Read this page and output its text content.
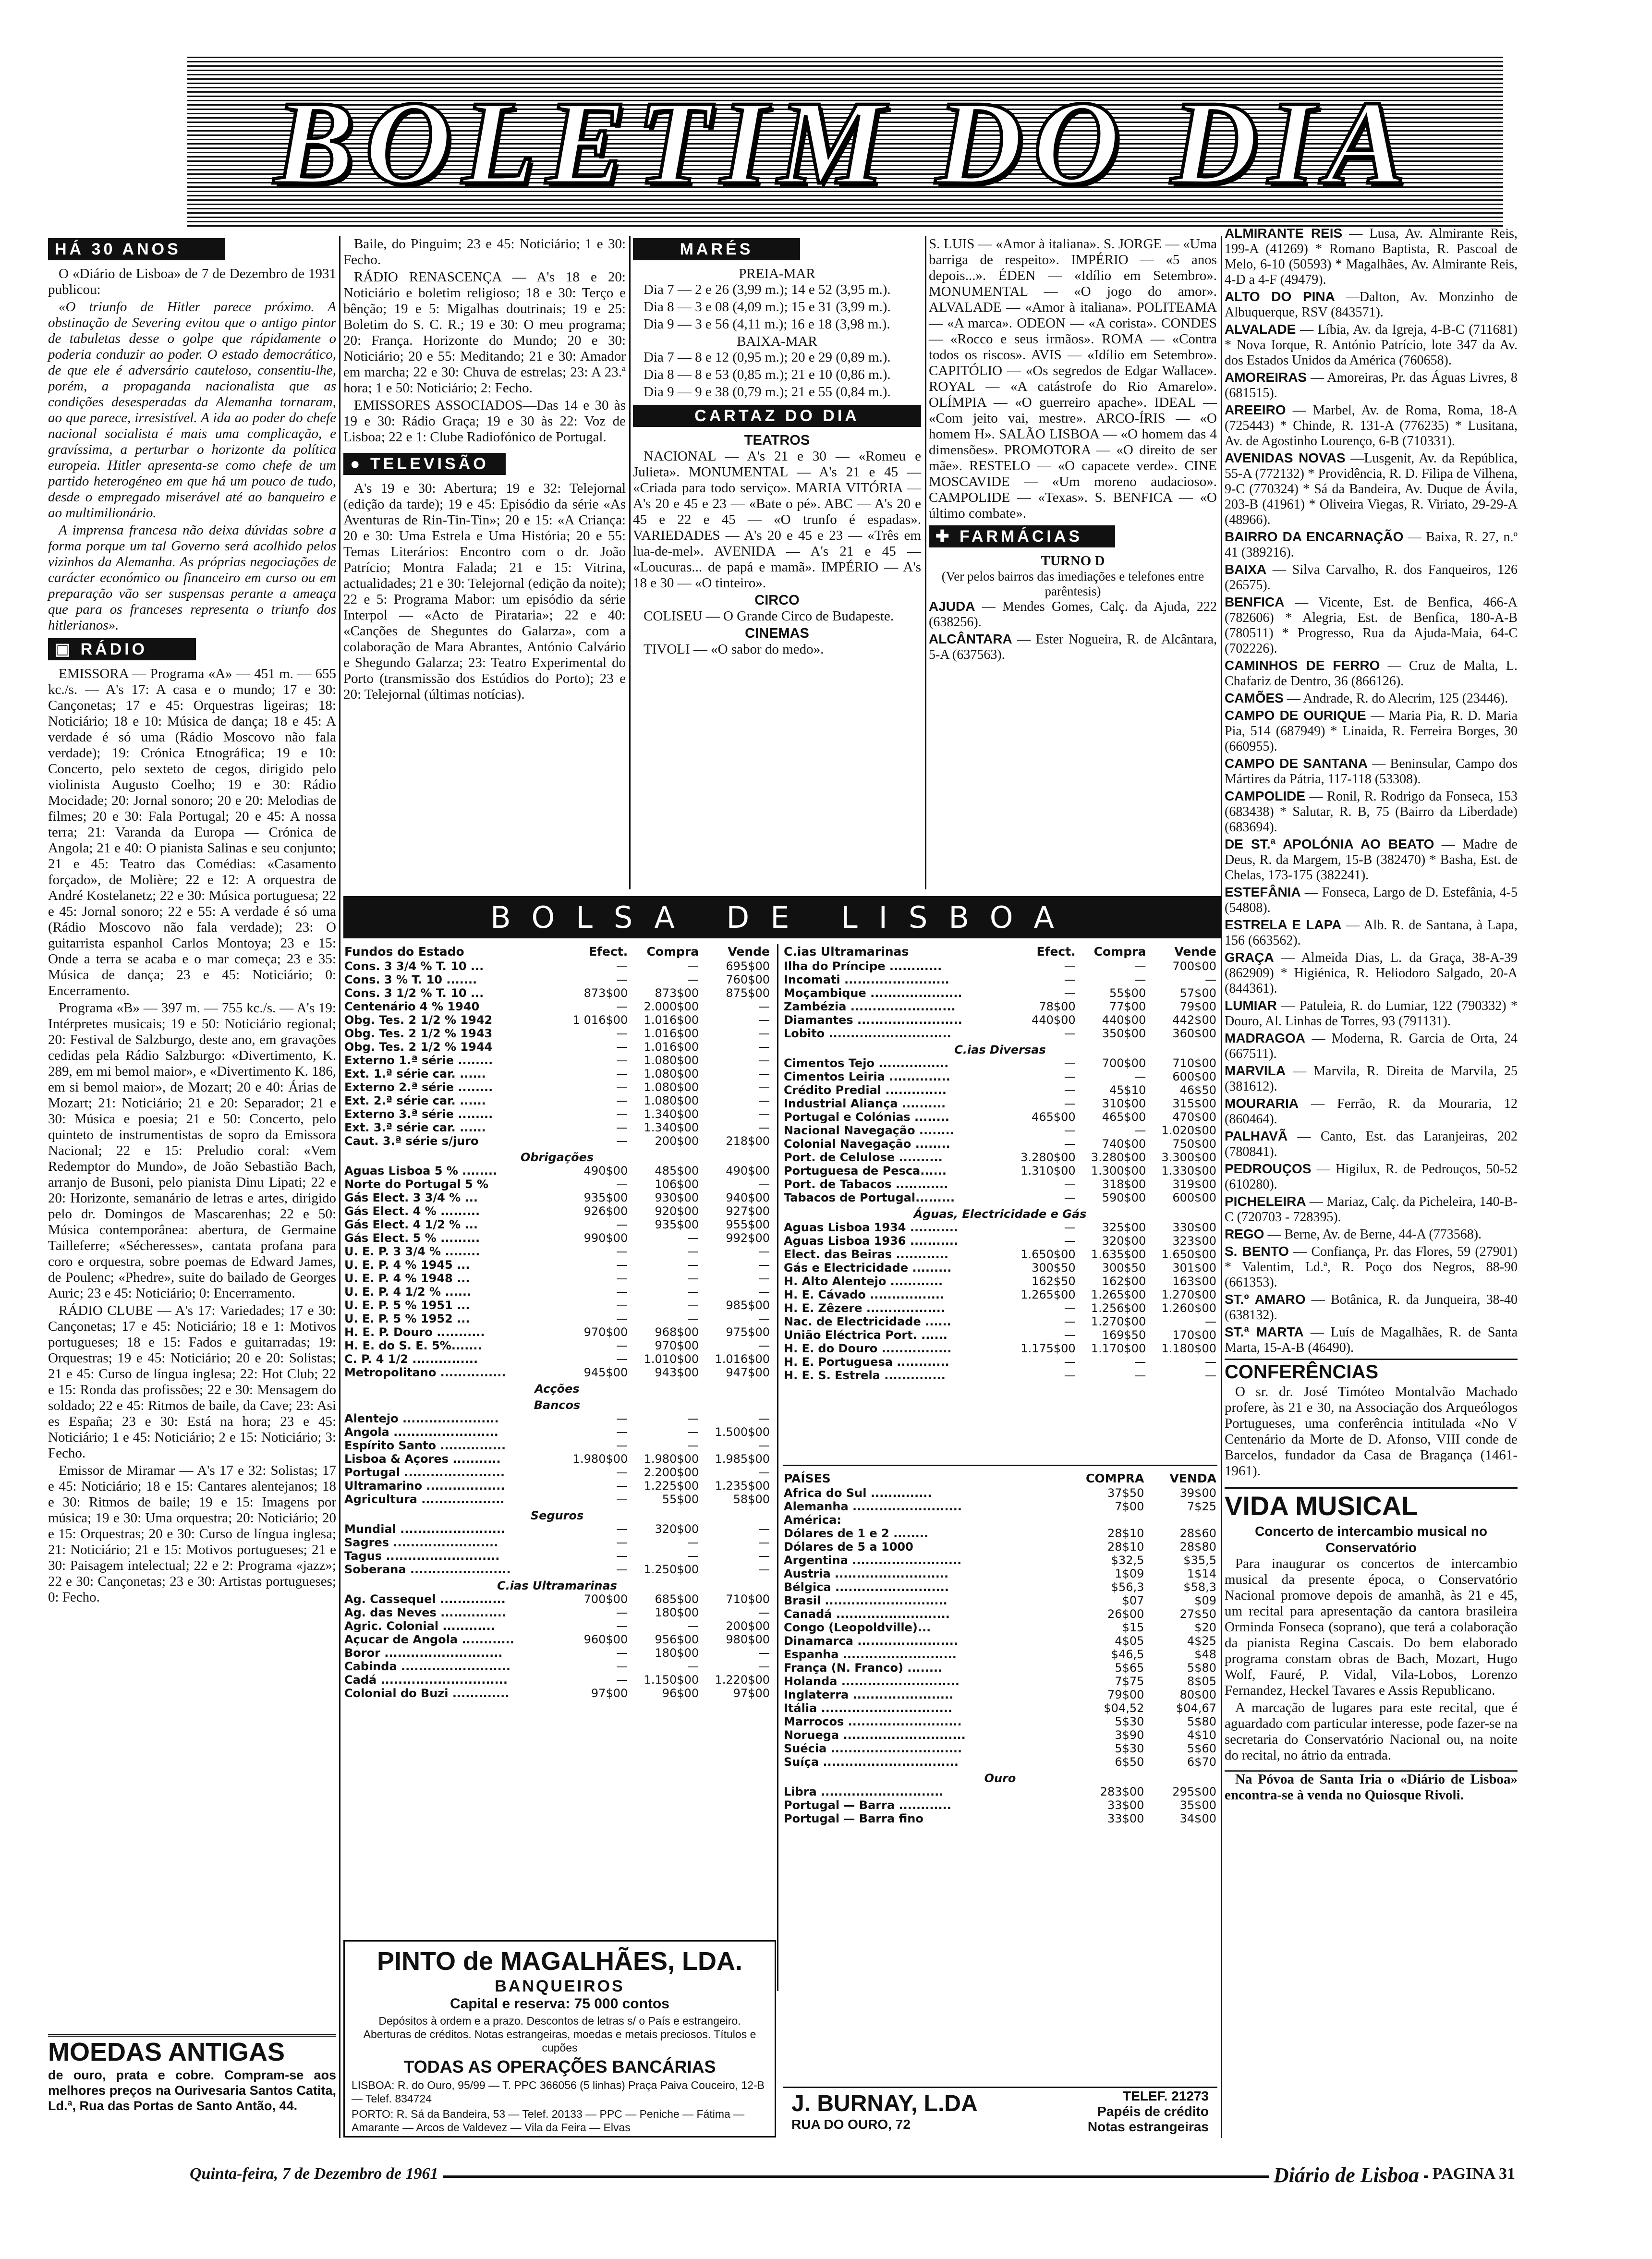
BOLETIM DO DIA
HÁ 30 ANOS

O «Diário de Lisboa» de 7 de Dezembro de 1931 publicou:

«O triunfo de Hitler parece próximo. A obstinação de Severing evitou que o antigo pintor de tabuletas desse o golpe que rápidamente o poderia conduzir ao poder. O estado democrático, de que ele é adversário cauteloso, consentiu-lhe, porém, a propaganda nacionalista que as condições desesperadas da Alemanha tornaram, ao que parece, irresistível. A ida ao poder do chefe nacional socialista é mais uma complicação, e gravíssima, a perturbar o horizonte da política europeia. Hitler apresenta-se como chefe de um partido heterogéneo em que há um pouco de tudo, desde o empregado miserável até ao banqueiro e ao multimilionário.

A imprensa francesa não deixa dúvidas sobre a forma porque um tal Governo será acolhido pelos vizinhos da Alemanha. As próprias negociações de carácter económico ou financeiro em curso ou em preparação vão ser suspensas perante a ameaça que para os franceses representa o triunfo dos hitlerianos».

▣ RÁDIO

EMISSORA — Programa «A» — 451 m. — 655 kc./s. — A's 17: A casa e o mundo; 17 e 30: Cançonetas; 17 e 45: Orquestras ligeiras; 18: Noticiário; 18 e 10: Música de dança; 18 e 45: A verdade é só uma (Rádio Moscovo não fala verdade); 19: Crónica Etnográfica; 19 e 10: Concerto, pelo sexteto de cegos, dirigido pelo violinista Augusto Coelho; 19 e 30: Rádio Mocidade; 20: Jornal sonoro; 20 e 20: Melodias de filmes; 20 e 30: Fala Portugal; 20 e 45: A nossa terra; 21: Varanda da Europa — Crónica de Angola; 21 e 40: O pianista Salinas e seu conjunto; 21 e 45: Teatro das Comédias: «Casamento forçado», de Molière; 22 e 12: A orquestra de André Kostelanetz; 22 e 30: Música portuguesa; 22 e 45: Jornal sonoro; 22 e 55: A verdade é só uma (Rádio Moscovo não fala verdade); 23: O guitarrista espanhol Carlos Montoya; 23 e 15: Onde a terra se acaba e o mar começa; 23 e 35: Música de dança; 23 e 45: Noticiário; 0: Encerramento.

Programa «B» — 397 m. — 755 kc./s. — A's 19: Intérpretes musicais; 19 e 50: Noticiário regional; 20: Festival de Salzburgo, deste ano, em gravações cedidas pela Rádio Salzburgo: «Divertimento, K. 289, em mi bemol maior», e «Divertimento K. 186, em si bemol maior», de Mozart; 20 e 40: Árias de Mozart; 21: Noticiário; 21 e 20: Separador; 21 e 30: Música e poesia; 21 e 50: Concerto, pelo quinteto de instrumentistas de sopro da Emissora Nacional; 22 e 15: Preludio coral: «Vem Redemptor do Mundo», de João Sebastião Bach, arranjo de Busoni, pelo pianista Dinu Lipati; 22 e 20: Horizonte, semanário de letras e artes, dirigido pelo dr. Domingos de Mascarenhas; 22 e 50: Música contemporânea: abertura, de Germaine Tailleferre; «Sécheresses», cantata profana para coro e orquestra, sobre poemas de Edward James, de Poulenc; «Phedre», suite do bailado de Georges Auric; 23 e 45: Noticiário; 0: Encerramento.

RÁDIO CLUBE — A's 17: Variedades; 17 e 30: Cançonetas; 17 e 45: Noticiário; 18 e 1: Motivos portugueses; 18 e 15: Fados e guitarradas; 19: Orquestras; 19 e 45: Noticiário; 20 e 20: Solistas; 21 e 45: Curso de língua inglesa; 22: Hot Club; 22 e 15: Ronda das profissões; 22 e 30: Mensagem do soldado; 22 e 45: Ritmos de baile, da Cave; 23: Asi es España; 23 e 30: Está na hora; 23 e 45: Noticiário; 1 e 45: Noticiário; 2 e 15: Noticiário; 3: Fecho.

Emissor de Miramar — A's 17 e 32: Solistas; 17 e 45: Noticiário; 18 e 15: Cantares alentejanos; 18 e 30: Ritmos de baile; 19 e 15: Imagens por música; 19 e 30: Uma orquestra; 20: Noticiário; 20 e 15: Orquestras; 20 e 30: Curso de língua inglesa; 21: Noticiário; 21 e 15: Motivos portugueses; 21 e 30: Paisagem intelectual; 22 e 2: Programa «jazz»; 22 e 30: Cançonetas; 23 e 30: Artistas portugueses; 0: Fecho.

MOEDAS ANTIGAS
de ouro, prata e cobre. Compram-se aos melhores preços na Ourivesaria Santos Catita, Ld.ª, Rua das Portas de Santo Antão, 44.

Baile, do Pinguim; 23 e 45: Noticiário; 1 e 30: Fecho.

RÁDIO RENASCENÇA — A's 18 e 20: Noticiário e boletim religioso; 18 e 30: Terço e bênção; 19 e 5: Migalhas doutrinais; 19 e 25: Boletim do S. C. R.; 19 e 30: O meu programa; 20: França. Horizonte do Mundo; 20 e 30: Noticiário; 20 e 55: Meditando; 21 e 30: Amador em marcha; 22 e 30: Chuva de estrelas; 23: A 23.ª hora; 1 e 50: Noticiário; 2: Fecho.

EMISSORES ASSOCIADOS—Das 14 e 30 às 19 e 30: Rádio Graça; 19 e 30 às 22: Voz de Lisboa; 22 e 1: Clube Radiofónico de Portugal.

● TELEVISÃO

A's 19 e 30: Abertura; 19 e 32: Telejornal (edição da tarde); 19 e 45: Episódio da série «As Aventuras de Rin-Tin-Tin»; 20 e 15: «A Criança: 20 e 30: Uma Estrela e Uma História; 20 e 55: Temas Literários: Encontro com o dr. João Patrício; Montra Falada; 21 e 15: Vitrina, actualidades; 21 e 30: Telejornal (edição da noite); 22 e 5: Programa Mabor: um episódio da série Interpol — «Acto de Pirataria»; 22 e 40: «Canções de Sheguntes do Galarza», com a colaboração de Mara Abrantes, António Calvário e Shegundo Galarza; 23: Teatro Experimental do Porto (transmissão dos Estúdios do Porto); 23 e 20: Telejornal (últimas notícias).

MARÉS
PREIA-MAR

Dia 7 — 2 e 26 (3,99 m.); 14 e 52 (3,95 m.).

Dia 8 — 3 e 08 (4,09 m.); 15 e 31 (3,99 m.).

Dia 9 — 3 e 56 (4,11 m.); 16 e 18 (3,98 m.).

BAIXA-MAR

Dia 7 — 8 e 12 (0,95 m.); 20 e 29 (0,89 m.).

Dia 8 — 8 e 53 (0,85 m.); 21 e 10 (0,86 m.).

Dia 9 — 9 e 38 (0,79 m.); 21 e 55 (0,84 m.).

CARTAZ DO DIA
TEATROS

NACIONAL — A's 21 e 30 — «Romeu e Julieta». MONUMENTAL — A's 21 e 45 — «Criada para todo serviço». MARIA VITÓRIA — A's 20 e 45 e 23 — «Bate o pé». ABC — A's 20 e 45 e 22 e 45 — «O trunfo é espadas». VARIEDADES — A's 20 e 45 e 23 — «Três em lua-de-mel». AVENIDA — A's 21 e 45 — «Loucuras... de papá e mamã». IMPÉRIO — A's 18 e 30 — «O tinteiro».

CIRCO

COLISEU — O Grande Circo de Budapeste.

CINEMAS

TIVOLI — «O sabor do medo».

S. LUIS — «Amor à italiana». S. JORGE — «Uma barriga de respeito». IMPÉRIO — «5 anos depois...». ÉDEN — «Idílio em Setembro». MONUMENTAL — «O jogo do amor». ALVALADE — «Amor à italiana». POLITEAMA — «A marca». ODEON — «A corista». CONDES — «Rocco e seus irmãos». ROMA — «Contra todos os riscos». AVIS — «Idílio em Setembro». CAPITÓLIO — «Os segredos de Edgar Wallace». ROYAL — «A catástrofe do Rio Amarelo». OLÍMPIA — «O guerreiro apache». IDEAL — «Com jeito vai, mestre». ARCO-ÍRIS — «O homem H». SALÃO LISBOA — «O homem das 4 dimensões». PROMOTORA — «O direito de ser mãe». RESTELO — «O capacete verde». CINE MOSCAVIDE — «Um moreno audacioso». CAMPOLIDE — «Texas». S. BENFICA — «O último combate».

✚ FARMÁCIAS
TURNO D
(Ver pelos bairros das imediações e telefones entre parêntesis)

AJUDA — Mendes Gomes, Calç. da Ajuda, 222 (638256).

ALCÂNTARA — Ester Nogueira, R. de Alcântara, 5-A (637563).

ALMIRANTE REIS — Lusa, Av. Almirante Reis, 199-A (41269) * Romano Baptista, R. Pascoal de Melo, 6-10 (50593) * Magalhães, Av. Almirante Reis, 4-D a 4-F (49479).

ALTO DO PINA —Dalton, Av. Monzinho de Albuquerque, RSV (843571).

ALVALADE — Líbia, Av. da Igreja, 4-B-C (711681) * Nova Iorque, R. António Patrício, lote 347 da Av. dos Estados Unidos da América (760658).

AMOREIRAS — Amoreiras, Pr. das Águas Livres, 8 (681515).

AREEIRO — Marbel, Av. de Roma, Roma, 18-A (725443) * Chinde, R. 131-A (776235) * Lusitana, Av. de Agostinho Lourenço, 6-B (710331).

AVENIDAS NOVAS —Lusgenit, Av. da República, 55-A (772132) * Providência, R. D. Filipa de Vilhena, 9-C (770324) * Sá da Bandeira, Av. Duque de Ávila, 203-B (41961) * Oliveira Viegas, R. Viriato, 29-29-A (48966).

BAIRRO DA ENCARNAÇÃO — Baixa, R. 27, n.º 41 (389216).

BAIXA — Silva Carvalho, R. dos Fanqueiros, 126 (26575).

BENFICA — Vicente, Est. de Benfica, 466-A (782606) * Alegria, Est. de Benfica, 180-A-B (780511) * Progresso, Rua da Ajuda-Maia, 64-C (702226).

CAMINHOS DE FERRO — Cruz de Malta, L. Chafariz de Dentro, 36 (866126).

CAMÕES — Andrade, R. do Alecrim, 125 (23446).

CAMPO DE OURIQUE — Maria Pia, R. D. Maria Pia, 514 (687949) * Linaida, R. Ferreira Borges, 30 (660955).

CAMPO DE SANTANA — Beninsular, Campo dos Mártires da Pátria, 117-118 (53308).

CAMPOLIDE — Ronil, R. Rodrigo da Fonseca, 153 (683438) * Salutar, R. B, 75 (Bairro da Liberdade) (683694).

DE ST.ª APOLÓNIA AO BEATO — Madre de Deus, R. da Margem, 15-B (382470) * Basha, Est. de Chelas, 173-175 (382241).

ESTEFÂNIA — Fonseca, Largo de D. Estefânia, 4-5 (54808).

ESTRELA E LAPA — Alb. R. de Santana, à Lapa, 156 (663562).

GRAÇA — Almeida Dias, L. da Graça, 38-A-39 (862909) * Higiénica, R. Heliodoro Salgado, 20-A (844361).

LUMIAR — Patuleia, R. do Lumiar, 122 (790332) * Douro, Al. Linhas de Torres, 93 (791131).

MADRAGOA — Moderna, R. Garcia de Orta, 24 (667511).

MARVILA — Marvila, R. Direita de Marvila, 25 (381612).

MOURARIA — Ferrão, R. da Mouraria, 12 (860464).

PALHAVÃ — Canto, Est. das Laranjeiras, 202 (780841).

PEDROUÇOS — Higilux, R. de Pedrouços, 50-52 (610280).

PICHELEIRA — Mariaz, Calç. da Picheleira, 140-B-C (720703 - 728395).

REGO — Berne, Av. de Berne, 44-A (773568).

S. BENTO — Confiança, Pr. das Flores, 59 (27901) * Valentim, Ld.ª, R. Poço dos Negros, 88-90 (661353).

ST.º AMARO — Botânica, R. da Junqueira, 38-40 (638132).

ST.ª MARTA — Luís de Magalhães, R. de Santa Marta, 15-A-B (46490).

CONFERÊNCIAS

O sr. dr. José Timóteo Montalvão Machado profere, às 21 e 30, na Associação dos Arqueólogos Portugueses, uma conferência intitulada «No V Centenário da Morte de D. Afonso, VIII conde de Barcelos, fundador da Casa de Bragança (1461-1961).

VIDA MUSICAL
Concerto de intercambio musical no Conservatório

Para inaugurar os concertos de intercambio musical da presente época, o Conservatório Nacional promove depois de amanhã, às 21 e 45, um recital para apresentação da cantora brasileira Orminda Fonseca (soprano), que terá a colaboração da pianista Regina Cascais. Do bem elaborado programa constam obras de Bach, Mozart, Hugo Wolf, Fauré, P. Vidal, Vila-Lobos, Lorenzo Fernandez, Heckel Tavares e Assis Republicano.

A marcação de lugares para este recital, que é aguardado com particular interesse, pode fazer-se na secretaria do Conservatório Nacional ou, na noite do recital, no átrio da entrada.

Na Póvoa de Santa Iria o «Diário de Lisboa» encontra-se à venda no Quiosque Rivoli.

BOLSA DE LISBOA
Fundos do Estado	Efect.	Compra	Vende
Cons. 3 3/4 % T. 10 ...	—	—	695$00
Cons. 3 % T. 10 .......	—	—	760$00
Cons. 3 1/2 % T. 10 ...	873$00	873$00	875$00
Centenário 4 % 1940	—	2.000$00	—
Obg. Tes. 2 1/2 % 1942	1 016$00	1.016$00	—
Obg. Tes. 2 1/2 % 1943	—	1.016$00	—
Obg. Tes. 2 1/2 % 1944	—	1.016$00	—
Externo 1.ª série ........	—	1.080$00	—
Ext. 1.ª série car. ......	—	1.080$00	—
Externo 2.ª série ........	—	1.080$00	—
Ext. 2.ª série car. ......	—	1.080$00	—
Externo 3.ª série ........	—	1.340$00	—
Ext. 3.ª série car. ......	—	1.340$00	—
Caut. 3.ª série s/juro	—	200$00	218$00
Obrigações			
Aguas Lisboa 5 % ........	490$00	485$00	490$00
Norte do Portugal 5 %	—	106$00	—
Gás Elect. 3 3/4 % ...	935$00	930$00	940$00
Gás Elect. 4 % .........	926$00	920$00	927$00
Gás Elect. 4 1/2 % ...	—	935$00	955$00
Gás Elect. 5 % .........	990$00	—	992$00
U. E. P. 3 3/4 % ........	—	—	—
U. E. P. 4 % 1945 ...	—	—	—
U. E. P. 4 % 1948 ...	—	—	—
U. E. P. 4 1/2 % ......	—	—	—
U. E. P. 5 % 1951 ...	—	—	985$00
U. E. P. 5 % 1952 ...	—	—	—
H. E. P. Douro ...........	970$00	968$00	975$00
H. E. do S. E. 5%.......	—	970$00	—
C. P. 4 1/2 ...............	—	1.010$00	1.016$00
Metropolitano ...............	945$00	943$00	947$00
Acções			
Bancos			
Alentejo ......................	—	—	—
Angola ........................	—	—	1.500$00
Espírito Santo ...............	—	—	—
Lisboa & Açores ...........	1.980$00	1.980$00	1.985$00
Portugal .......................	—	2.200$00	—
Ultramarino ..................	—	1.225$00	1.235$00
Agricultura ...................	—	55$00	58$00
Seguros			
Mundial ........................	—	320$00	—
Sagres ........................	—	—	—
Tagus ..........................	—	—	—
Soberana .......................	—	1.250$00	—
C.ias Ultramarinas			
Ag. Cassequel ...............	700$00	685$00	710$00
Ag. das Neves ...............	—	180$00	—
Agric. Colonial ............	—	—	200$00
Açucar de Angola ............	960$00	956$00	980$00
Boror ...........................	—	180$00	—
Cabinda .........................	—	—	—
Cadá .............................	—	1.150$00	1.220$00
Colonial do Buzi .............	97$00	96$00	97$00
C.ias Ultramarinas	Efect.	Compra	Vende
Ilha do Príncipe ............	—	—	700$00
Incomati ........................	—	—	—
Moçambique .....................	—	55$00	57$00
Zambézia ........................	78$00	77$00	79$00
Diamantes ........................	440$00	440$00	442$00
Lobito ............................	—	350$00	360$00
C.ias Diversas			
Cimentos Tejo ................	—	700$00	710$00
Cimentos Leiria ..............	—	—	600$00
Crédito Predial ..............	—	45$10	46$50
Industrial Aliança ..........	—	310$00	315$00
Portugal e Colónias ........	465$00	465$00	470$00
Nacional Navegação ........	—	—	1.020$00
Colonial Navegação ........	—	740$00	750$00
Port. de Celulose ..........	3.280$00	3.280$00	3.300$00
Portuguesa de Pesca......	1.310$00	1.300$00	1.330$00
Port. de Tabacos ............	—	318$00	319$00
Tabacos de Portugal.........	—	590$00	600$00
Águas, Electricidade e Gás			
Aguas Lisboa 1934 ...........	—	325$00	330$00
Aguas Lisboa 1936 ...........	—	320$00	323$00
Elect. das Beiras ............	1.650$00	1.635$00	1.650$00
Gás e Electricidade .........	300$50	300$50	301$00
H. Alto Alentejo ............	162$50	162$00	163$00
H. E. Cávado .................	1.265$00	1.265$00	1.270$00
H. E. Zêzere ..................	—	1.256$00	1.260$00
Nac. de Electricidade ......	—	1.270$00	—
União Eléctrica Port. ......	—	169$50	170$00
H. E. do Douro ................	1.175$00	1.170$00	1.180$00
H. E. Portuguesa ............	—	—	—
H. E. S. Estrela ..............	—	—	—
PAÍSES	COMPRA	VENDA
Africa do Sul ..............	37$50	39$00
Alemanha .........................	7$00	7$25
América:		
Dólares de 1 e 2 ........	28$10	28$60
Dólares de 5 a 1000	28$10	28$80
Argentina .........................	$32,5	$35,5
Austria ..........................	1$09	1$14
Bélgica ..........................	$56,3	$58,3
Brasil ............................	$07	$09
Canadá ..........................	26$00	27$50
Congo (Leopoldville)...	$15	$20
Dinamarca .......................	4$05	4$25
Espanha ..........................	$46,5	$48
França (N. Franco) ........	5$65	5$80
Holanda ...........................	7$75	8$05
Inglaterra .......................	79$00	80$00
Itália ..............................	$04,52	$04,67
Marrocos ..........................	5$30	5$80
Noruega ............................	3$90	4$10
Suécia ..............................	5$30	5$60
Suíça ...............................	6$50	6$70
Ouro		
Libra ............................	283$00	295$00
Portugal — Barra ............	33$00	35$00
Portugal — Barra fino	33$00	34$00
PINTO de MAGALHÃES, LDA.
BANQUEIROS
Capital e reserva: 75 000 contos
Depósitos à ordem e a prazo. Descontos de letras s/ o País e estrangeiro. Aberturas de créditos. Notas estrangeiras, moedas e metais preciosos. Títulos e cupões
TODAS AS OPERAÇÕES BANCÁRIAS
LISBOA: R. do Ouro, 95/99 — T. PPC 366056 (5 linhas) Praça Paiva Couceiro, 12-B — Telef. 834724
PORTO: R. Sá da Bandeira, 53 — Telef. 20133 — PPC — Peniche — Fátima — Amarante — Arcos de Valdevez — Vila da Feira — Elvas
J. BURNAY, L.DA
RUA DO OURO, 72
TELEF. 21273
Papéis de crédito
Notas estrangeiras
Quinta-feira, 7 de Dezembro de 1961	Diário de Lisboa PAGINA 31
